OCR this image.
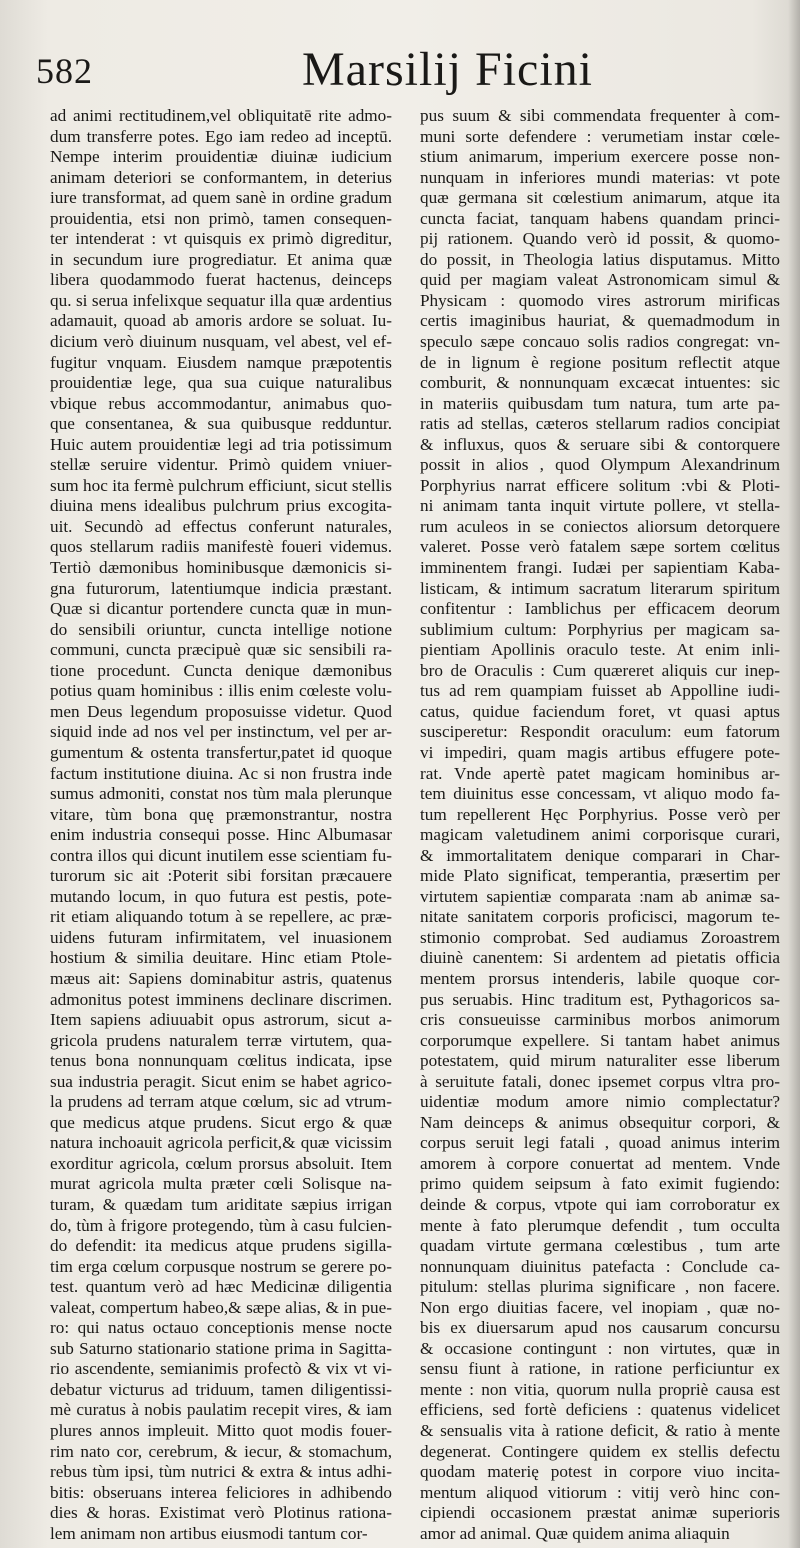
582	Marsilij Ficini
ad animi rectitudinem,vel obliquitatē rite admo-
dum transferre potes. Ego iam redeo ad inceptū.
Nempe interim prouidentiæ diuinæ iudicium
animam deteriori se conformantem, in deterius
iure transformat, ad quem sanè in ordine gradum
prouidentia, etsi non primò, tamen consequen-
ter intenderat : vt quisquis ex primò digreditur,
in secundum iure progrediatur. Et anima quæ
libera quodammodo fuerat hactenus, deinceps
qu. si serua infelixque sequatur illa quæ ardentius
adamauit, quoad ab amoris ardore se soluat. Iu-
dicium verò diuinum nusquam, vel abest, vel ef-
fugitur vnquam. Eiusdem namque præpotentis
prouidentiæ lege, qua sua cuique naturalibus
vbique rebus accommodantur, animabus quo-
que consentanea, & sua quibusque redduntur.
Huic autem prouidentiæ legi ad tria potissimum
stellæ seruire videntur. Primò quidem vniuer-
sum hoc ita fermè pulchrum efficiunt, sicut stellis
diuina mens idealibus pulchrum prius excogita-
uit. Secundò ad effectus conferunt naturales,
quos stellarum radiis manifestè foueri videmus.
Tertiò dæmonibus hominibusque dæmonicis si-
gna futurorum, latentiumque indicia præstant.
Quæ si dicantur portendere cuncta quæ in mun-
do sensibili oriuntur, cuncta intellige notione
communi, cuncta præcipuè quæ sic sensibili ra-
tione procedunt. Cuncta denique dæmonibus
potius quam hominibus : illis enim cœleste volu-
men Deus legendum proposuisse videtur. Quod
siquid inde ad nos vel per instinctum, vel per ar-
gumentum & ostenta transfertur,patet id quoque
factum institutione diuina. Ac si non frustra inde
sumus admoniti, constat nos tùm mala plerunque
vitare, tùm bona quę præmonstrantur, nostra
enim industria consequi posse. Hinc Albumasar
contra illos qui dicunt inutilem esse scientiam fu-
turorum sic ait :Poterit sibi forsitan præcauere
mutando locum, in quo futura est pestis, pote-
rit etiam aliquando totum à se repellere, ac præ-
uidens futuram infirmitatem, vel inuasionem
hostium & similia deuitare. Hinc etiam Ptole-
mæus ait: Sapiens dominabitur astris, quatenus
admonitus potest imminens declinare discrimen.
Item sapiens adiuuabit opus astrorum, sicut a-
gricola prudens naturalem terræ virtutem, qua-
tenus bona nonnunquam cœlitus indicata, ipse
sua industria peragit. Sicut enim se habet agrico-
la prudens ad terram atque cœlum, sic ad vtrum-
que medicus atque prudens. Sicut ergo & quæ
natura inchoauit agricola perficit,& quæ vicissim
exorditur agricola, cœlum prorsus absoluit. Item
murat agricola multa præter cœli Solisque na-
turam, & quædam tum ariditate sæpius irrigan
do, tùm à frigore protegendo, tùm à casu fulcien-
do defendit: ita medicus atque prudens sigilla-
tim erga cœlum corpusque nostrum se gerere po-
test. quantum verò ad hæc Medicinæ diligentia
valeat, compertum habeo,& sæpe alias, & in pue-
ro: qui natus octauo conceptionis mense nocte
sub Saturno stationario statione prima in Sagitta-
rio ascendente, semianimis profectò & vix vt vi-
debatur victurus ad triduum, tamen diligentissi-
mè curatus à nobis paulatim recepit vires, & iam
plures annos impleuit. Mitto quot modis fouer-
rim nato cor, cerebrum, & iecur, & stomachum,
rebus tùm ipsi, tùm nutrici & extra & intus adhi-
bitis: obseruans interea feliciores in adhibendo
dies & horas. Existimat verò Plotinus rationa-
lem animam non artibus eiusmodi tantum cor-
pus suum & sibi commendata frequenter à com-
muni sorte defendere : verumetiam instar cœle-
stium animarum, imperium exercere posse non-
nunquam in inferiores mundi materias: vt pote
quæ germana sit cœlestium animarum, atque ita
cuncta faciat, tanquam habens quandam princi-
pij rationem. Quando verò id possit, & quomo-
do possit, in Theologia latius disputamus. Mitto
quid per magiam valeat Astronomicam simul &
Physicam : quomodo vires astrorum mirificas
certis imaginibus hauriat, & quemadmodum in
speculo sæpe concauo solis radios congregat: vn-
de in lignum è regione positum reflectit atque
comburit, & nonnunquam excæcat intuentes: sic
in materiis quibusdam tum natura, tum arte pa-
ratis ad stellas, cæteros stellarum radios concipiat
& influxus, quos & seruare sibi & contorquere
possit in alios , quod Olympum Alexandrinum
Porphyrius narrat efficere solitum :vbi & Ploti-
ni animam tanta inquit virtute pollere, vt stella-
rum aculeos in se coniectos aliorsum detorquere
valeret. Posse verò fatalem sæpe sortem cœlitus
imminentem frangi. Iudæi per sapientiam Kaba-
listicam, & intimum sacratum literarum spiritum
confitentur : Iamblichus per efficacem deorum
sublimium cultum: Porphyrius per magicam sa-
pientiam Apollinis oraculo teste. At enim inli-
bro de Oraculis : Cum quæreret aliquis cur inep-
tus ad rem quampiam fuisset ab Appolline iudi-
catus, quidue faciendum foret, vt quasi aptus
susciperetur: Respondit oraculum: eum fatorum
vi impediri, quam magis artibus effugere pote-
rat. Vnde apertè patet magicam hominibus ar-
tem diuinitus esse concessam, vt aliquo modo fa-
tum repellerent Hęc Porphyrius. Posse verò per
magicam valetudinem animi corporisque curari,
& immortalitatem denique comparari in Char-
mide Plato significat, temperantia, præsertim per
virtutem sapientiæ comparata :nam ab animæ sa-
nitate sanitatem corporis proficisci, magorum te-
stimonio comprobat. Sed audiamus Zoroastrem
diuinè canentem: Si ardentem ad pietatis officia
mentem prorsus intenderis, labile quoque cor-
pus seruabis. Hinc traditum est, Pythagoricos sa-
cris consueuisse carminibus morbos animorum
corporumque expellere. Si tantam habet animus
potestatem, quid mirum naturaliter esse liberum
à seruitute fatali, donec ipsemet corpus vltra pro-
uidentiæ modum amore nimio complectatur?
Nam deinceps & animus obsequitur corpori, &
corpus seruit legi fatali , quoad animus interim
amorem à corpore conuertat ad mentem. Vnde
primo quidem seipsum à fato eximit fugiendo:
deinde & corpus, vtpote qui iam corroboratur ex
mente à fato plerumque defendit , tum occulta
quadam virtute germana cœlestibus , tum arte
nonnunquam diuinitus patefacta : Conclude ca-
pitulum: stellas plurima significare , non facere.
Non ergo diuitias facere, vel inopiam , quæ no-
bis ex diuersarum apud nos causarum concursu
& occasione contingunt : non virtutes, quæ in
sensu fiunt à ratione, in ratione perficiuntur ex
mente : non vitia, quorum nulla propriè causa est
efficiens, sed fortè deficiens : quatenus videlicet
& sensualis vita à ratione deficit, & ratio à mente
degenerat. Contingere quidem ex stellis defectu
quodam materię potest in corpore viuo incita-
mentum aliquod vitiorum : vitij verò hinc con-
cipiendi occasionem præstat animæ superioris
amor ad animal. Quæ quidem anima aliaquin
